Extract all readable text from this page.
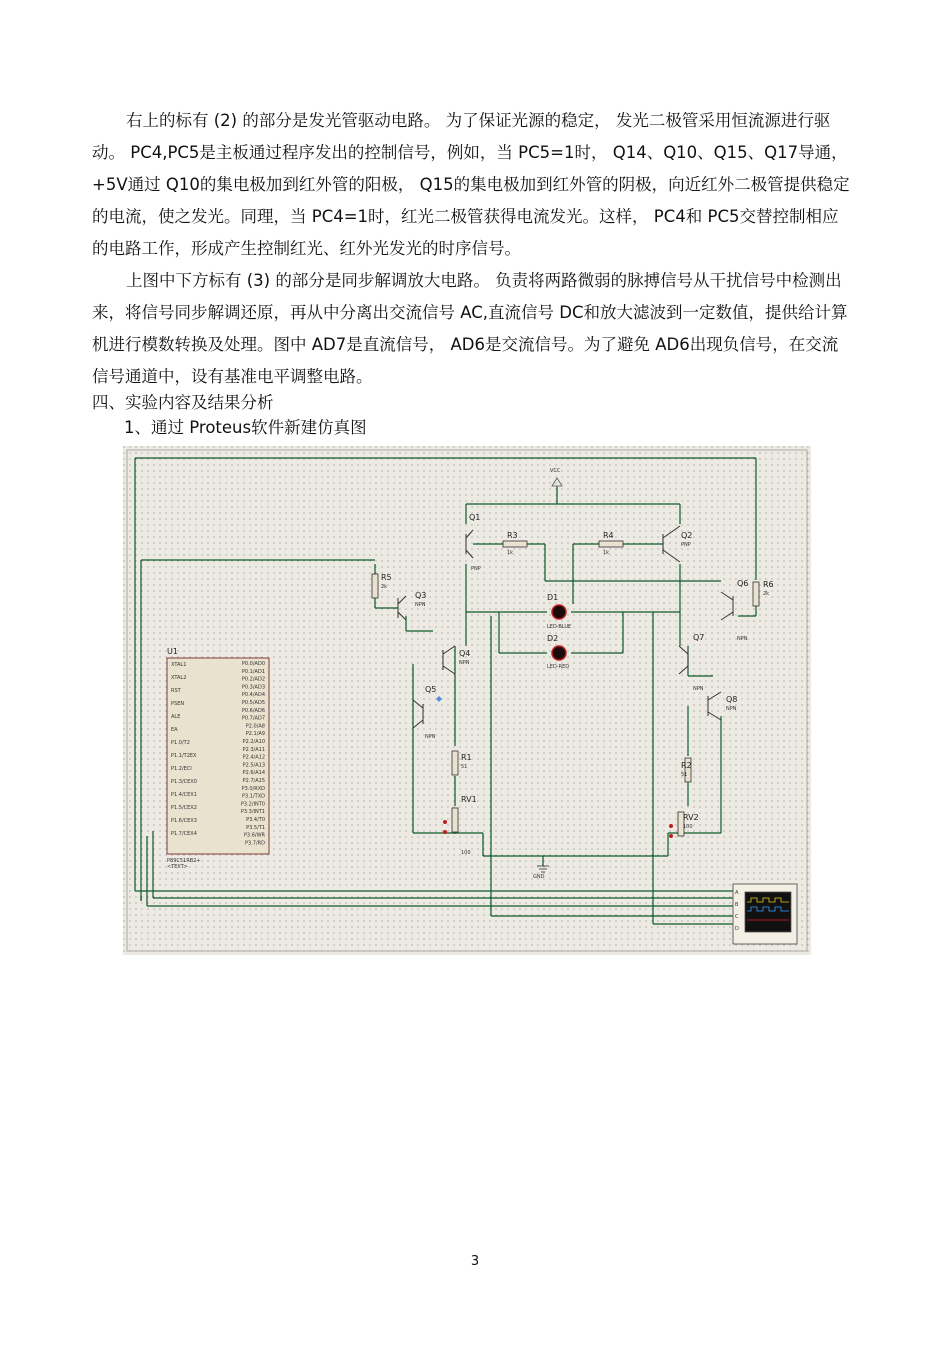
右上的标有 (2) 的部分是发光管驱动电路。 为了保证光源的稳定， 发光二极管采用恒流源进行驱动。 PC4,PC5是主板通过程序发出的控制信号，例如，当 PC5=1时， Q14、Q10、Q15、Q17导通， +5V通过 Q10的集电极加到红外管的阳极， Q15的集电极加到红外管的阴极，向近红外二极管提供稳定的电流，使之发光。同理，当 PC4=1时，红光二极管获得电流发光。这样， PC4和 PC5交替控制相应的电路工作，形成产生控制红光、红外光发光的时序信号。

上图中下方标有 (3) 的部分是同步解调放大电路。 负责将两路微弱的脉搏信号从干扰信号中检测出来，将信号同步解调还原，再从中分离出交流信号 AC,直流信号 DC和放大滤波到一定数值，提供给计算机进行模数转换及处理。图中 AD7是直流信号， AD6是交流信号。为了避免 AD6出现负信号，在交流信号通道中，设有基准电平调整电路。

四、实验内容及结果分析

1、通过 Proteus软件新建仿真图

VCC
GND
U1
XTAL1
XTAL2
RST
PSEN
ALE
EA
P1.0/T2
P1.1/T2EX
P1.2/ECI
P1.3/CEX0
P1.4/CEX1
P1.5/CEX2
P1.6/CEX3
P1.7/CEX4
P0.0/AD0
P0.1/AD1
P0.2/AD2
P0.3/AD3
P0.4/AD4
P0.5/AD5
P0.6/AD6
P0.7/AD7
P2.0/A8
P2.1/A9
P2.2/A10
P2.3/A11
P2.4/A12
P2.5/A13
P2.6/A14
P2.7/A15
P3.0/RXD
P3.1/TXD
P3.2/INT0
P3.3/INT1
P3.4/T0
P3.5/T1
P3.6/WR
P3.7/RD
P89C51RB2+
<TEXT>
A
B
C
D
Q1
Q2
Q3
Q4
Q5
Q6
Q7
Q8
R3	R4
R5
R6
R1
R2
1k	1k
2k
2k
51
51
PNP
PNP
NPN
NPN
NPN
NPN
NPN
NPN
D1
D2
LED-BLUE
LED-RED
RV1
RV2
100
100
3
